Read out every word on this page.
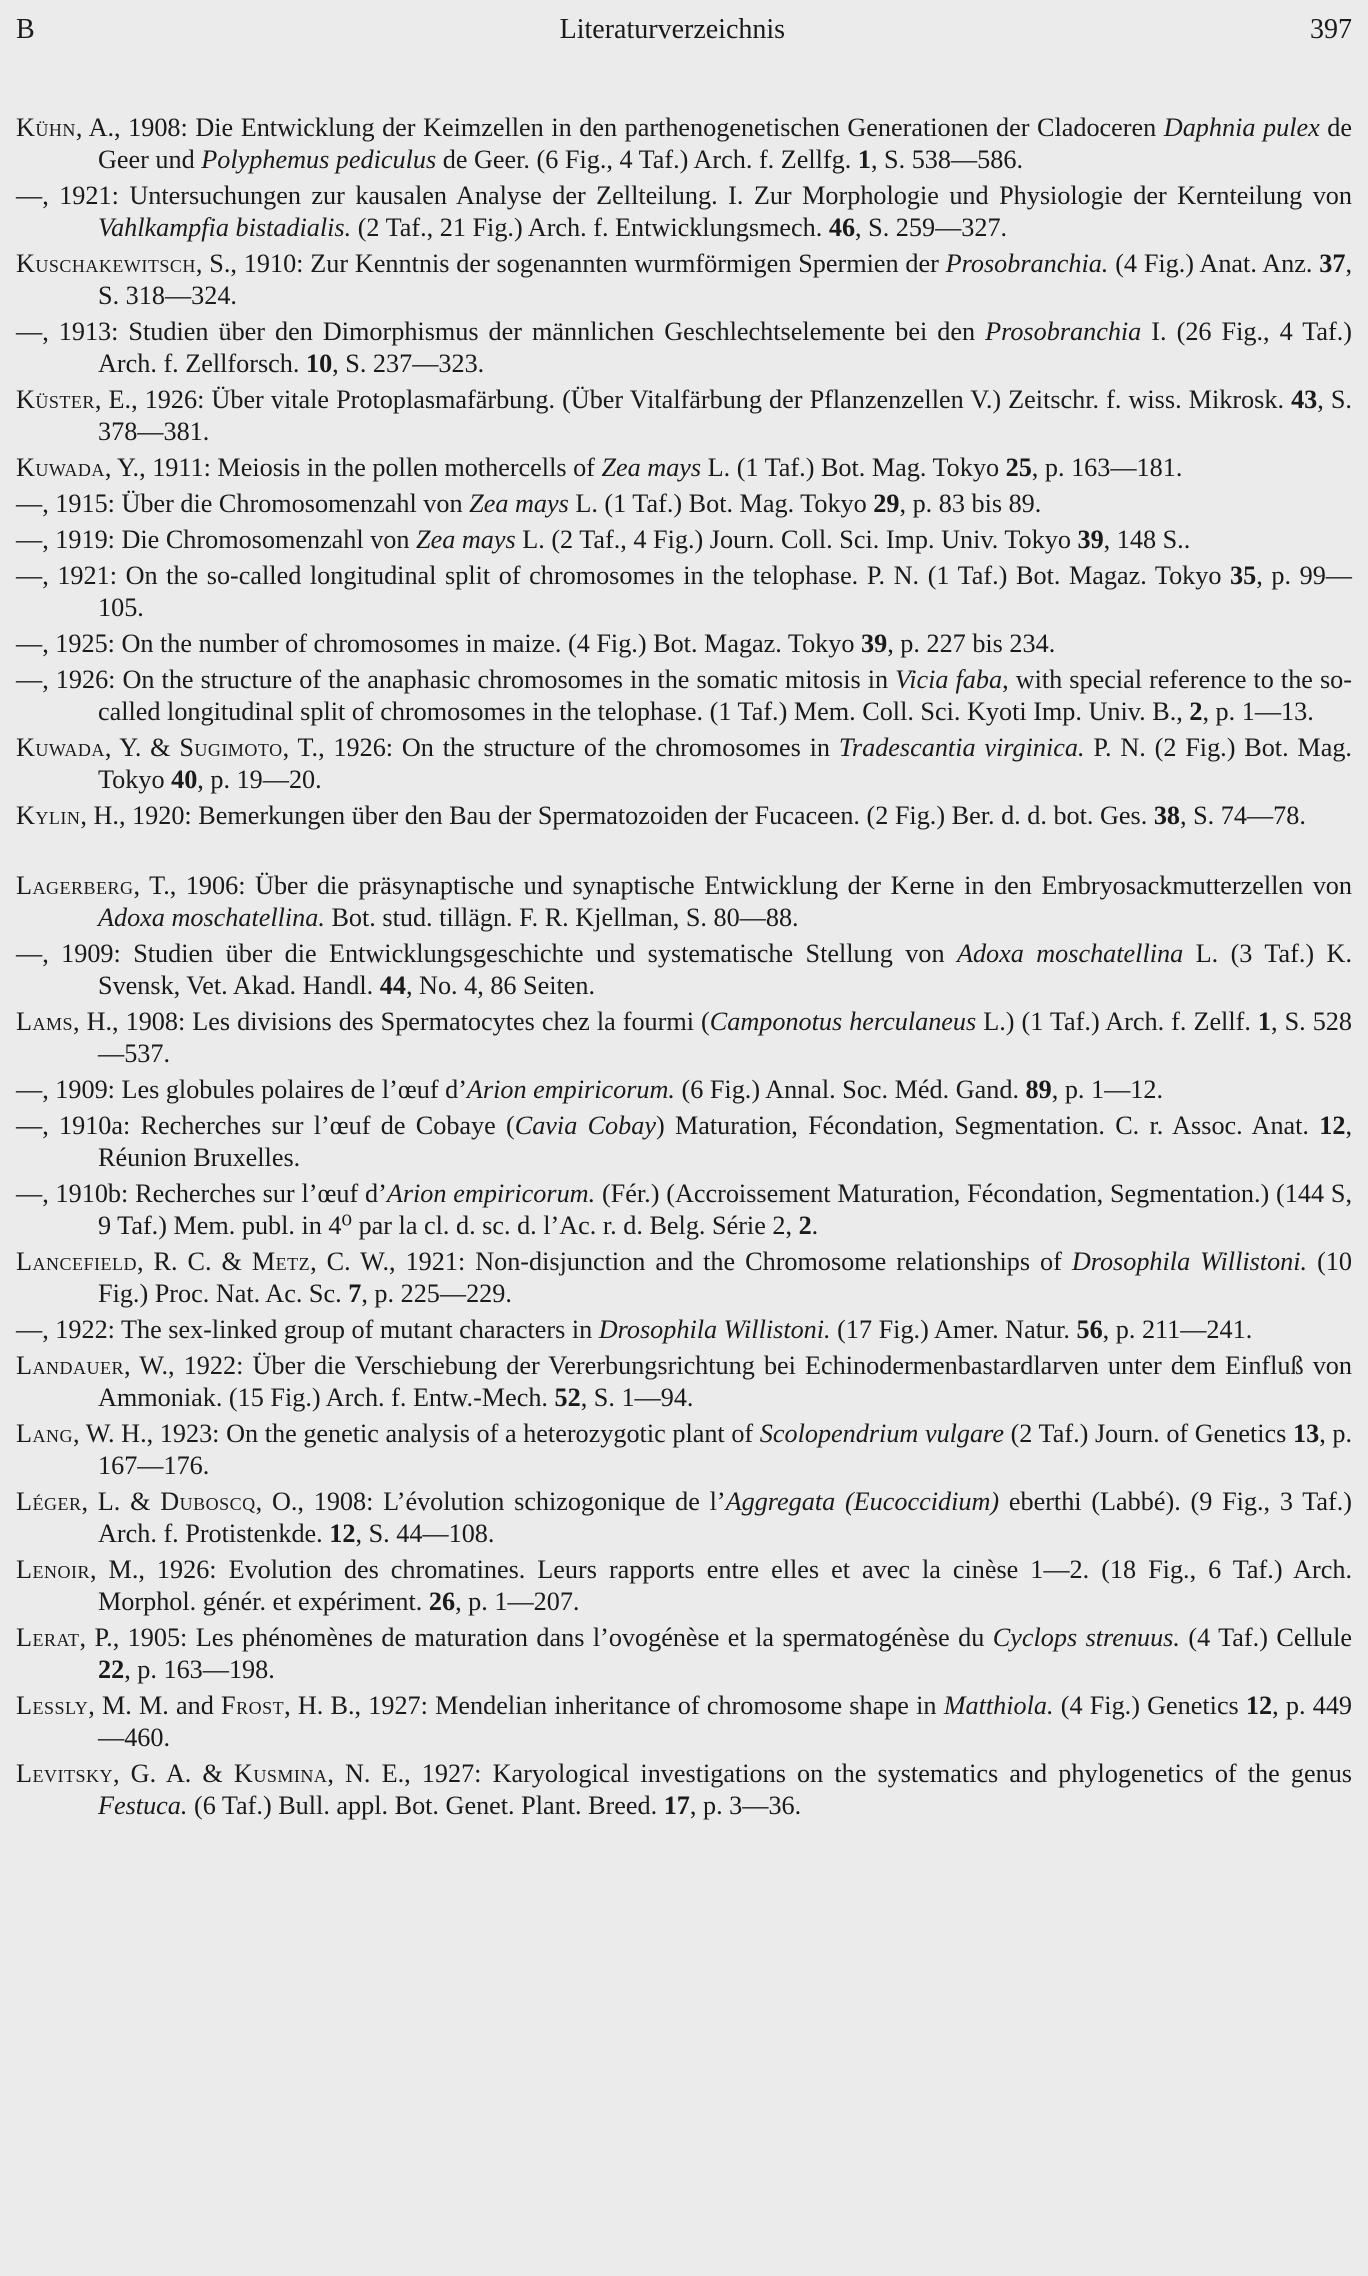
B	Literaturverzeichnis	397
Kühn, A., 1908: Die Entwicklung der Keimzellen in den parthenogenetischen Generationen der Cladoceren Daphnia pulex de Geer und Polyphemus pediculus de Geer. (6 Fig., 4 Taf.) Arch. f. Zellfg. 1, S. 538—586.
—, 1921: Untersuchungen zur kausalen Analyse der Zellteilung. I. Zur Morphologie und Physiologie der Kernteilung von Vahlkampfia bistadialis. (2 Taf., 21 Fig.) Arch. f. Entwicklungsmech. 46, S. 259—327.
Kuschakewitsch, S., 1910: Zur Kenntnis der sogenannten wurmförmigen Spermien der Prosobranchia. (4 Fig.) Anat. Anz. 37, S. 318—324.
—, 1913: Studien über den Dimorphismus der männlichen Geschlechtselemente bei den Prosobranchia I. (26 Fig., 4 Taf.) Arch. f. Zellforsch. 10, S. 237—323.
Küster, E., 1926: Über vitale Protoplasmafärbung. (Über Vitalfärbung der Pflanzenzellen V.) Zeitschr. f. wiss. Mikrosk. 43, S. 378—381.
Kuwada, Y., 1911: Meiosis in the pollen mothercells of Zea mays L. (1 Taf.) Bot. Mag. Tokyo 25, p. 163—181.
—, 1915: Über die Chromosomenzahl von Zea mays L. (1 Taf.) Bot. Mag. Tokyo 29, p. 83 bis 89.
—, 1919: Die Chromosomenzahl von Zea mays L. (2 Taf., 4 Fig.) Journ. Coll. Sci. Imp. Univ. Tokyo 39, 148 S..
—, 1921: On the so-called longitudinal split of chromosomes in the telophase. P. N. (1 Taf.) Bot. Magaz. Tokyo 35, p. 99—105.
—, 1925: On the number of chromosomes in maize. (4 Fig.) Bot. Magaz. Tokyo 39, p. 227 bis 234.
—, 1926: On the structure of the anaphasic chromosomes in the somatic mitosis in Vicia faba, with special reference to the so-called longitudinal split of chromosomes in the telophase. (1 Taf.) Mem. Coll. Sci. Kyoti Imp. Univ. B., 2, p. 1—13.
Kuwada, Y. & Sugimoto, T., 1926: On the structure of the chromosomes in Tradescantia virginica. P. N. (2 Fig.) Bot. Mag. Tokyo 40, p. 19—20.
Kylin, H., 1920: Bemerkungen über den Bau der Spermatozoiden der Fucaceen. (2 Fig.) Ber. d. d. bot. Ges. 38, S. 74—78.
Lagerberg, T., 1906: Über die präsynaptische und synaptische Entwicklung der Kerne in den Embryosackmutterzellen von Adoxa moschatellina. Bot. stud. tillägn. F. R. Kjellman, S. 80—88.
—, 1909: Studien über die Entwicklungsgeschichte und systematische Stellung von Adoxa moschatellina L. (3 Taf.) K. Svensk, Vet. Akad. Handl. 44, No. 4, 86 Seiten.
Lams, H., 1908: Les divisions des Spermatocytes chez la fourmi (Camponotus herculaneus L.) (1 Taf.) Arch. f. Zellf. 1, S. 528—537.
—, 1909: Les globules polaires de l’œuf d’Arion empiricorum. (6 Fig.) Annal. Soc. Méd. Gand. 89, p. 1—12.
—, 1910a: Recherches sur l’œuf de Cobaye (Cavia Cobay) Maturation, Fécondation, Segmentation. C. r. Assoc. Anat. 12, Réunion Bruxelles.
—, 1910b: Recherches sur l’œuf d’Arion empiricorum. (Fér.) (Accroissement Maturation, Fécondation, Segmentation.) (144 S, 9 Taf.) Mem. publ. in 4⁰ par la cl. d. sc. d. l’Ac. r. d. Belg. Série 2, 2.
Lancefield, R. C. & Metz, C. W., 1921: Non-disjunction and the Chromosome relationships of Drosophila Willistoni. (10 Fig.) Proc. Nat. Ac. Sc. 7, p. 225—229.
—, 1922: The sex-linked group of mutant characters in Drosophila Willistoni. (17 Fig.) Amer. Natur. 56, p. 211—241.
Landauer, W., 1922: Über die Verschiebung der Vererbungsrichtung bei Echinodermenbastardlarven unter dem Einfluß von Ammoniak. (15 Fig.) Arch. f. Entw.-Mech. 52, S. 1—94.
Lang, W. H., 1923: On the genetic analysis of a heterozygotic plant of Scolopendrium vulgare (2 Taf.) Journ. of Genetics 13, p. 167—176.
Léger, L. & Duboscq, O., 1908: L’évolution schizogonique de l’Aggregata (Eucoccidium) eberthi (Labbé). (9 Fig., 3 Taf.) Arch. f. Protistenkde. 12, S. 44—108.
Lenoir, M., 1926: Evolution des chromatines. Leurs rapports entre elles et avec la cinèse 1—2. (18 Fig., 6 Taf.) Arch. Morphol. génér. et expériment. 26, p. 1—207.
Lerat, P., 1905: Les phénomènes de maturation dans l’ovogénèse et la spermatogénèse du Cyclops strenuus. (4 Taf.) Cellule 22, p. 163—198.
Lessly, M. M. and Frost, H. B., 1927: Mendelian inheritance of chromosome shape in Matthiola. (4 Fig.) Genetics 12, p. 449—460.
Levitsky, G. A. & Kusmina, N. E., 1927: Karyological investigations on the systematics and phylogenetics of the genus Festuca. (6 Taf.) Bull. appl. Bot. Genet. Plant. Breed. 17, p. 3—36.
